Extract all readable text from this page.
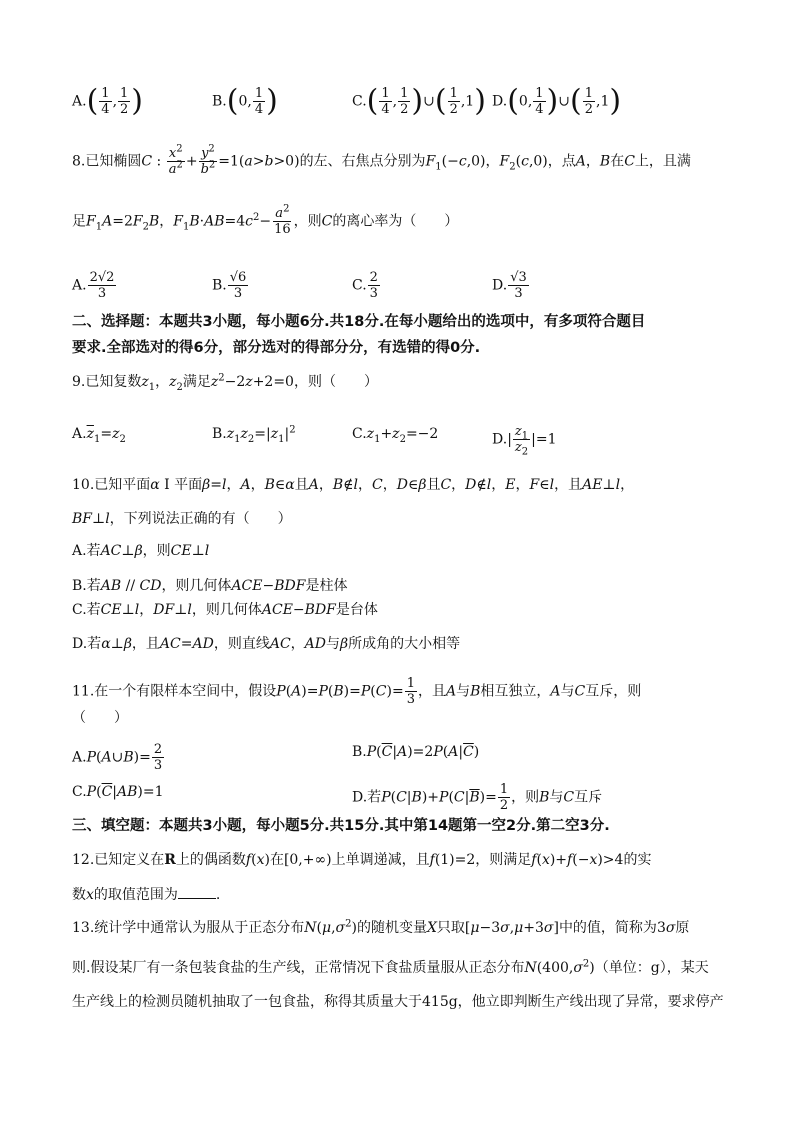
$A.( \frac{1}{4}$ , $\frac{1}{2}$ )	B.(0, $\frac{1}{4}$ )	$C.( \frac{1}{4}$ , $\frac{1}{2}$ )∪( $\frac{1}{2} ,1$) D.(0, $\frac{1}{4}$ )∪( $\frac{1}{2} ,1$)
8.已知椭圆C : $\frac{x^2}{a^2} + \frac{y^2}{b^2} =1(a>b>0)$的左、右焦点分别为$F_1(-c,0)$，$F_2(c,0)$，点A，B在C上，且满
足$F_1A=2F_2B$，$F_1B\cdot AB=4c^2- \frac{a^2}{16}$ ，则C的离心率为（　　）
A. $\frac{2√2}{3}$	B. $\frac{√6}{3}$	C. $\frac{2}{3}$	D. $\frac{√3}{3}$
二、选择题：本题共3小题，每小题6分.共18分.在每小题给出的选项中，有多项符合题目
要求.全部选对的得6分，部分选对的得部分分，有选错的得0分.
9.已知复数$z_1$，$z_2$满足$z^2-2z+2=0$，则（　　）
$A.\overline{z}_1=z_2$	$B.z_1z_2=|z_1|^2$	$C.z_1+z_2=-2$	$D.| \frac{z_1}{z_2} |=1$
10.已知平面α I 平面β=l，A，B∈α且A，B∉l，C，D∈β且C，D∉l，E，F∈l，且AE⊥l，
BF⊥l，下列说法正确的有（　　）
A.若AC⊥β，则CE⊥l
B.若AB // CD，则几何体ACE−BDF是柱体
C.若CE⊥l，DF⊥l，则几何体ACE−BDF是台体
D.若α⊥β，且AC=AD，则直线AC，AD与β所成角的大小相等
11.在一个有限样本空间中，假设$P(A)=P(B)=P(C)= \frac{1}{3}$ ，且A与B相互独立，A与C互斥，则
（　　）
A.P(A∪B)= $\frac{2}{3}$	$B.P(\overline{C}|A)=2P(A|\overline{C})$
$C.P(\overline{C}|AB)=1$	D.若$P(C|B)+P(C|\overline{B})= \frac{1}{2}$ ，则B与C互斥
三、填空题：本题共3小题，每小题5分.共15分.其中第14题第一空2分.第二空3分.
12.已知定义在R上的偶函数f(x)在[0,+∞)上单调递减，且f(1)=2，则满足f(x)+f(−x)>4的实
数x的取值范围为	.
13.统计学中通常认为服从于正态分布$N(\mu,\sigma^2)$的随机变量X只取[μ−3σ,μ+3σ]中的值，简称为3σ原
则.假设某厂有一条包装食盐的生产线，正常情况下食盐质量服从正态分布$N(400,\sigma^2)$（单位：g），某天
生产线上的检测员随机抽取了一包食盐，称得其质量大于415g，他立即判断生产线出现了异常，要求停产
